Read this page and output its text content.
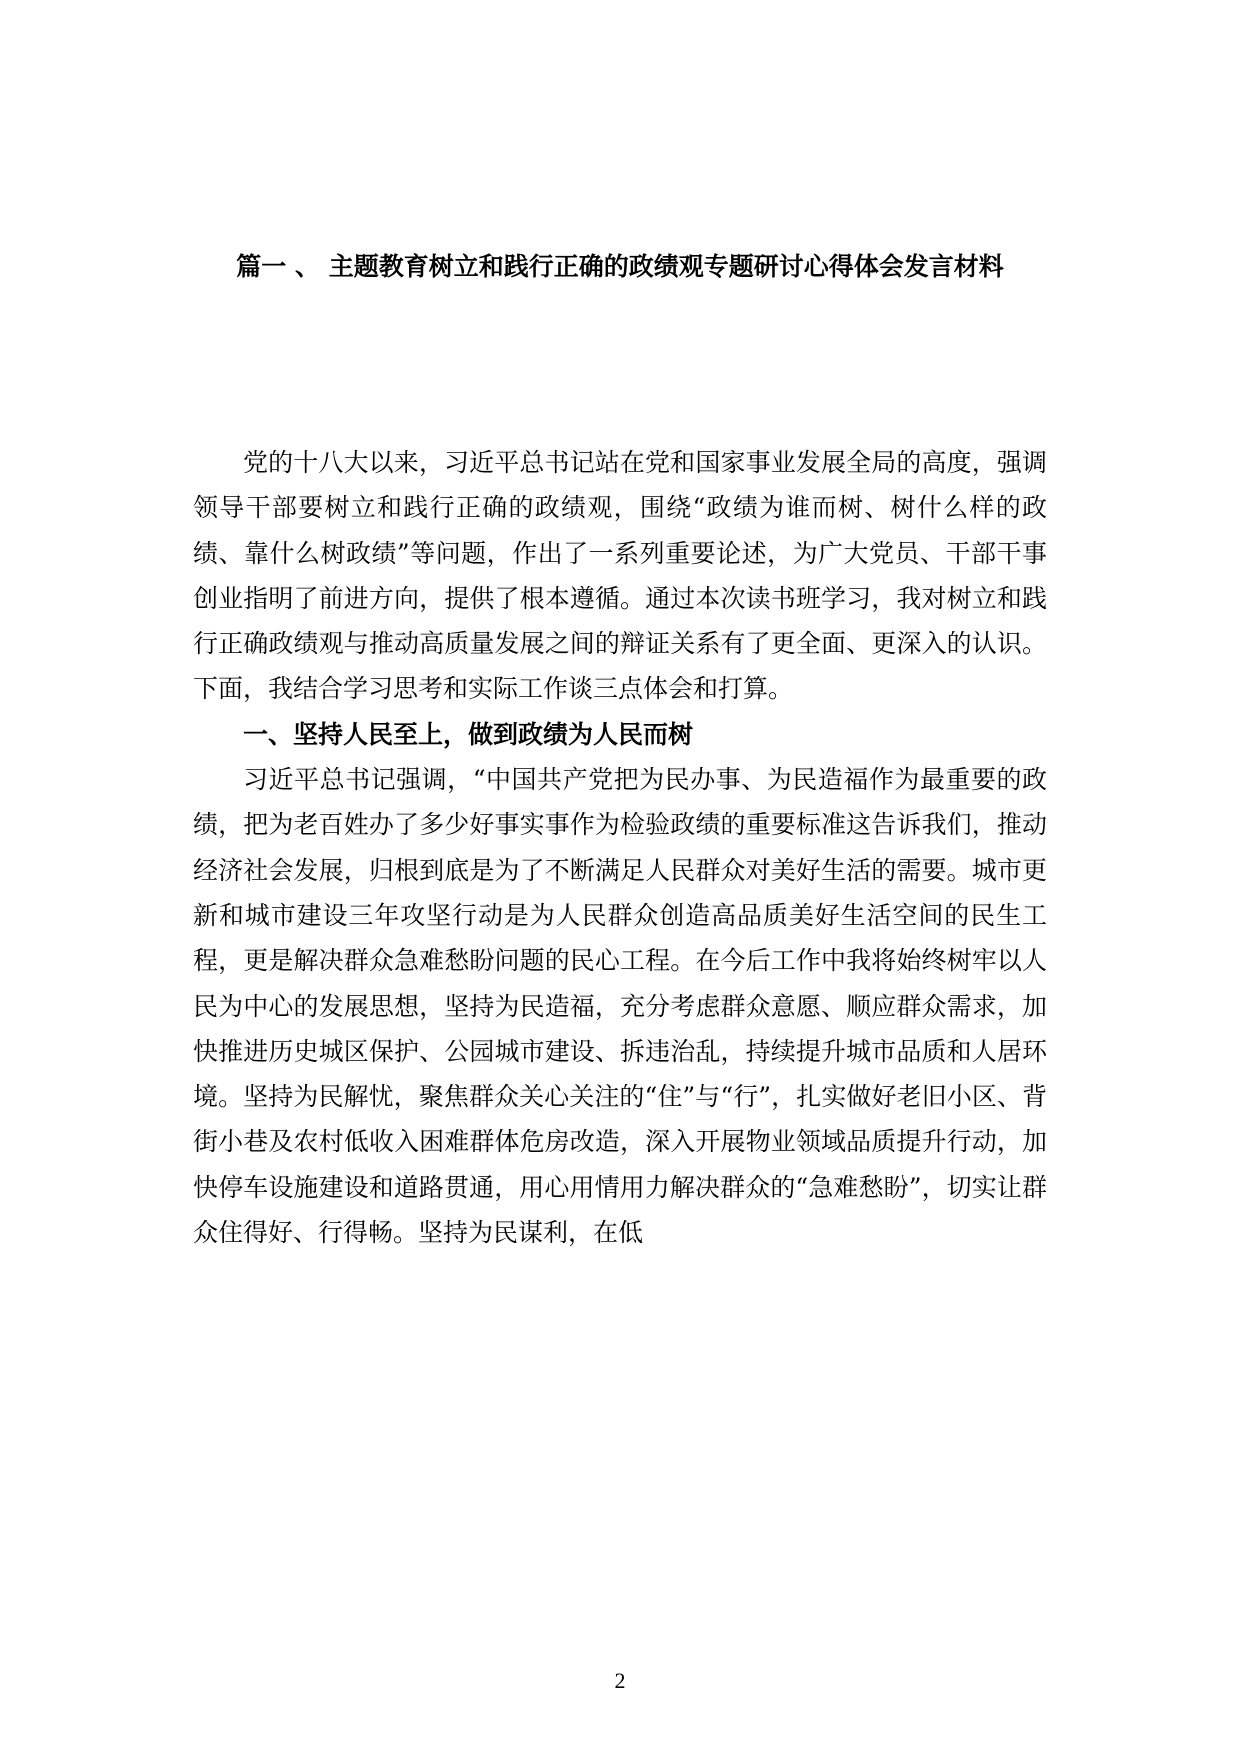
篇一 、 主题教育树立和践行正确的政绩观专题研讨心得体会发言材料

党的十八大以来，习近平总书记站在党和国家事业发展全局的高度，强调领导干部要树立和践行正确的政绩观，围绕“政绩为谁而树、树什么样的政绩、靠什么树政绩”等问题，作出了一系列重要论述，为广大党员、干部干事创业指明了前进方向，提供了根本遵循。通过本次读书班学习，我对树立和践行正确政绩观与推动高质量发展之间的辩证关系有了更全面、更深入的认识。下面，我结合学习思考和实际工作谈三点体会和打算。

一、坚持人民至上，做到政绩为人民而树

习近平总书记强调，“中国共产党把为民办事、为民造福作为最重要的政绩，把为老百姓办了多少好事实事作为检验政绩的重要标准这告诉我们，推动经济社会发展，归根到底是为了不断满足人民群众对美好生活的需要。城市更新和城市建设三年攻坚行动是为人民群众创造高品质美好生活空间的民生工程，更是解决群众急难愁盼问题的民心工程。在今后工作中我将始终树牢以人民为中心的发展思想，坚持为民造福，充分考虑群众意愿、顺应群众需求，加快推进历史城区保护、公园城市建设、拆违治乱，持续提升城市品质和人居环境。坚持为民解忧，聚焦群众关心关注的“住”与“行”，扎实做好老旧小区、背街小巷及农村低收入困难群体危房改造，深入开展物业领域品质提升行动，加快停车设施建设和道路贯通，用心用情用力解决群众的“急难愁盼”，切实让群众住得好、行得畅。坚持为民谋利，在低

2
